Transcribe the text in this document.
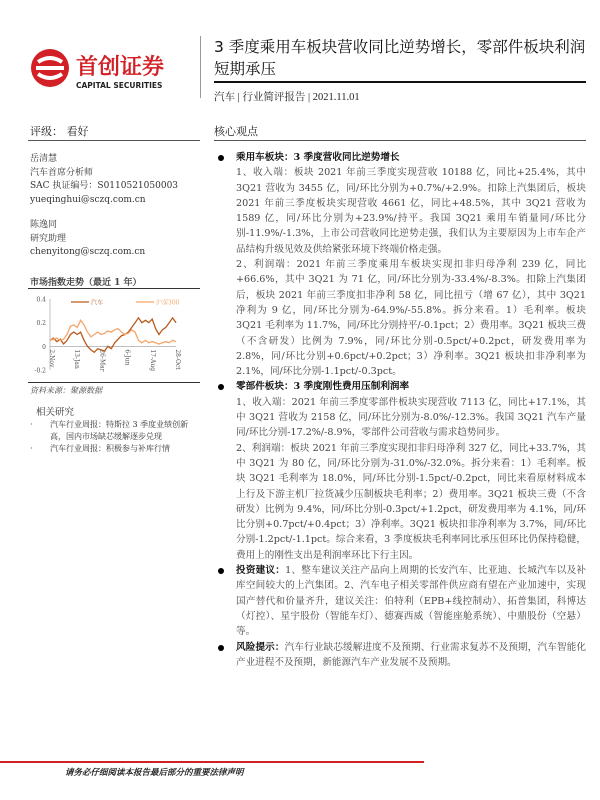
首创证券
CAPITAL SECURITIES
3 季度乘用车板块营收同比逆势增长，零部件板块利润短期承压
汽车 | 行业简评报告 | 2021.11.01
评级： 看好	核心观点
岳清慧
汽车首席分析师
SAC 执证编号：S0110521050003
yueqinghui@sczq.com.cn
陈逸同
研究助理
chenyitong@sczq.com.cn
市场指数走势（最近 1 年）
0.4
0.2
0
-0.2
2-Nov	13-Jan	26-Mar	6-Jun	17-Aug	28-Oct
汽车	沪深300
资料来源：聚源数据
相关研究
·	汽车行业周报：特斯拉 3 季度业绩创新高，国内市场缺芯缓解逐步兑现
·	汽车行业周报：积极参与补库行情
乘用车板块：3 季度营收同比逆势增长
1、收入端：板块 2021 年前三季度实现营收 10188 亿，同比+25.4%，其中 3Q21 营收为 3455 亿，同/环比分别为+0.7%/+2.9%。扣除上汽集团后，板块 2021 年前三季度板块实现营收 4661 亿，同比+48.5%，其中 3Q21 营收为 1589 亿，同/环比分别为+23.9%/持平。我国 3Q21 乘用车销量同/环比分别-11.9%/-1.3%，上市公司营收同比逆势走强，我们认为主要原因为上市车企产品结构升级见效及供给紧张环境下终端价格走强。
2、利润端：2021 年前三季度乘用车板块实现扣非归母净利 239 亿，同比+66.6%，其中 3Q21 为 71 亿，同/环比分别为-33.4%/-8.3%。扣除上汽集团后，板块 2021 年前三季度扣非净利 58 亿，同比扭亏（增 67 亿），其中 3Q21 净利为 9 亿，同/环比分别为-64.9%/-55.8%。拆分来看。1）毛利率。板块 3Q21 毛利率为 11.7%，同/环比分别持平/-0.1pct；2）费用率。3Q21 板块三费（不含研发）比例为 7.9%，同/环比分别-0.5pct/+0.2pct，研发费用率为 2.8%，同/环比分别+0.6pct/+0.2pct；3）净利率。3Q21 板块扣非净利率为 2.1%，同/环比分别-1.1pct/-0.3pct。
零部件板块：3 季度刚性费用压制利润率
1、收入端：2021 年前三季度零部件板块实现营收 7113 亿，同比+17.1%，其中 3Q21 营收为 2158 亿，同/环比分别为-8.0%/-12.3%。我国 3Q21 汽车产量同/环比分别-17.2%/-8.9%，零部件公司营收与需求趋势同步。
2、利润端：板块 2021 年前三季度实现扣非归母净利 327 亿，同比+33.7%，其中 3Q21 为 80 亿，同/环比分别为-31.0%/-32.0%。拆分来看：1）毛利率。板块 3Q21 毛利率为 18.0%，同/环比分别-1.5pct/-0.2pct，同比来看原材料成本上行及下游主机厂拉货减少压制板块毛利率；2）费用率。3Q21 板块三费（不含研发）比例为 9.4%，同/环比分别-0.3pct/+1.2pct，研发费用率为 4.1%，同/环比分别+0.7pct/+0.4pct；3）净利率。3Q21 板块扣非净利率为 3.7%，同/环比分别-1.2pct/-1.1pct。综合来看，3 季度板块毛利率同比承压但环比仍保持稳健，费用上的刚性支出是利润率环比下行主因。
投资建议：1、整车建议关注产品向上周期的长安汽车、比亚迪、长城汽车以及补库空间较大的上汽集团。2、汽车电子相关零部件供应商有望在产业加速中，实现国产替代和价量齐升，建议关注：伯特利（EPB+线控制动）、拓普集团，科博达（灯控）、星宇股份（智能车灯）、德赛西威（智能座舱系统）、中鼎股份（空悬）等。
风险提示：汽车行业缺芯缓解进度不及预期、行业需求复苏不及预期，汽车智能化产业进程不及预期，新能源汽车产业发展不及预期。
请务必仔细阅读本报告最后部分的重要法律声明
